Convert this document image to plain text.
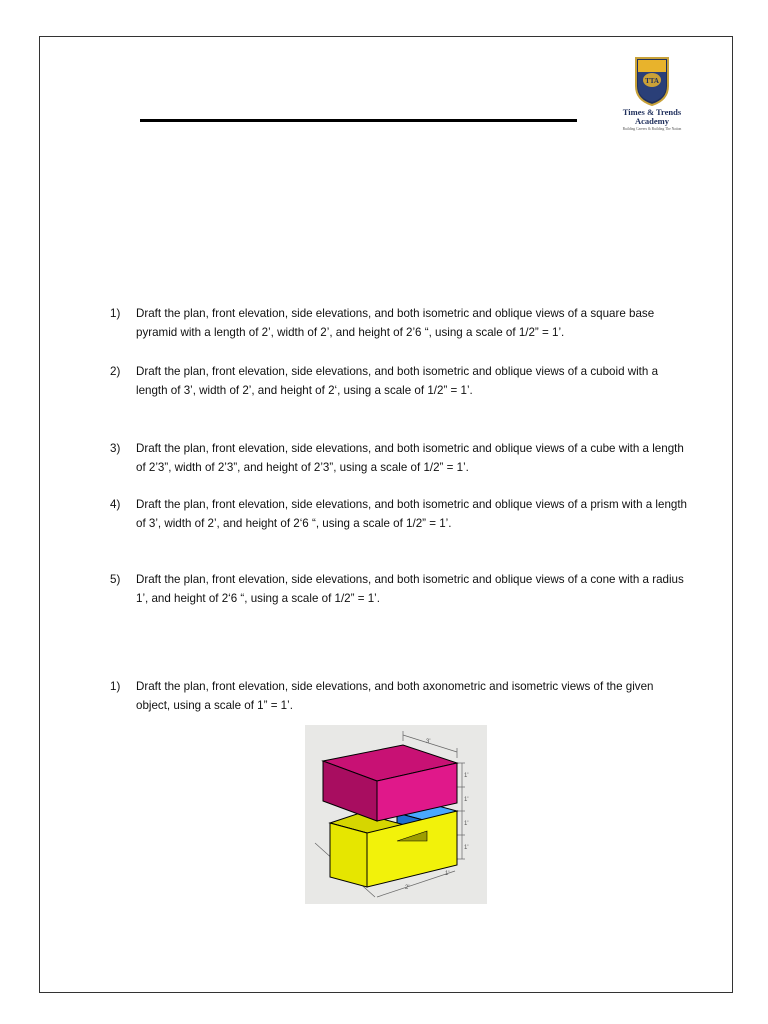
TTA
Times & Trends
Academy
Building Careers & Building The Nation
1) Draft the plan, front elevation, side elevations, and both isometric and oblique views of a square base pyramid with a length of 2’, width of 2’, and height of 2’6 “, using a scale of 1/2” = 1’.
2) Draft the plan, front elevation, side elevations, and both isometric and oblique views of a cuboid with a length of 3’, width of 2’, and height of 2‘, using a scale of 1/2” = 1’.
3) Draft the plan, front elevation, side elevations, and both isometric and oblique views of a cube with a length of 2’3”, width of 2’3”, and height of 2’3”, using a scale of 1/2” = 1’.
4) Draft the plan, front elevation, side elevations, and both isometric and oblique views of a prism with a length of 3’, width of 2’, and height of 2‘6 “, using a scale of 1/2” = 1’.
5) Draft the plan, front elevation, side elevations, and both isometric and oblique views of a cone with a radius 1’, and height of 2‘6 “, using a scale of 1/2” = 1’.
1) Draft the plan, front elevation, side elevations, and both axonometric and isometric views of the given object, using a scale of 1” = 1’.
3'
1'
1'
1'
1'
2'
1'
